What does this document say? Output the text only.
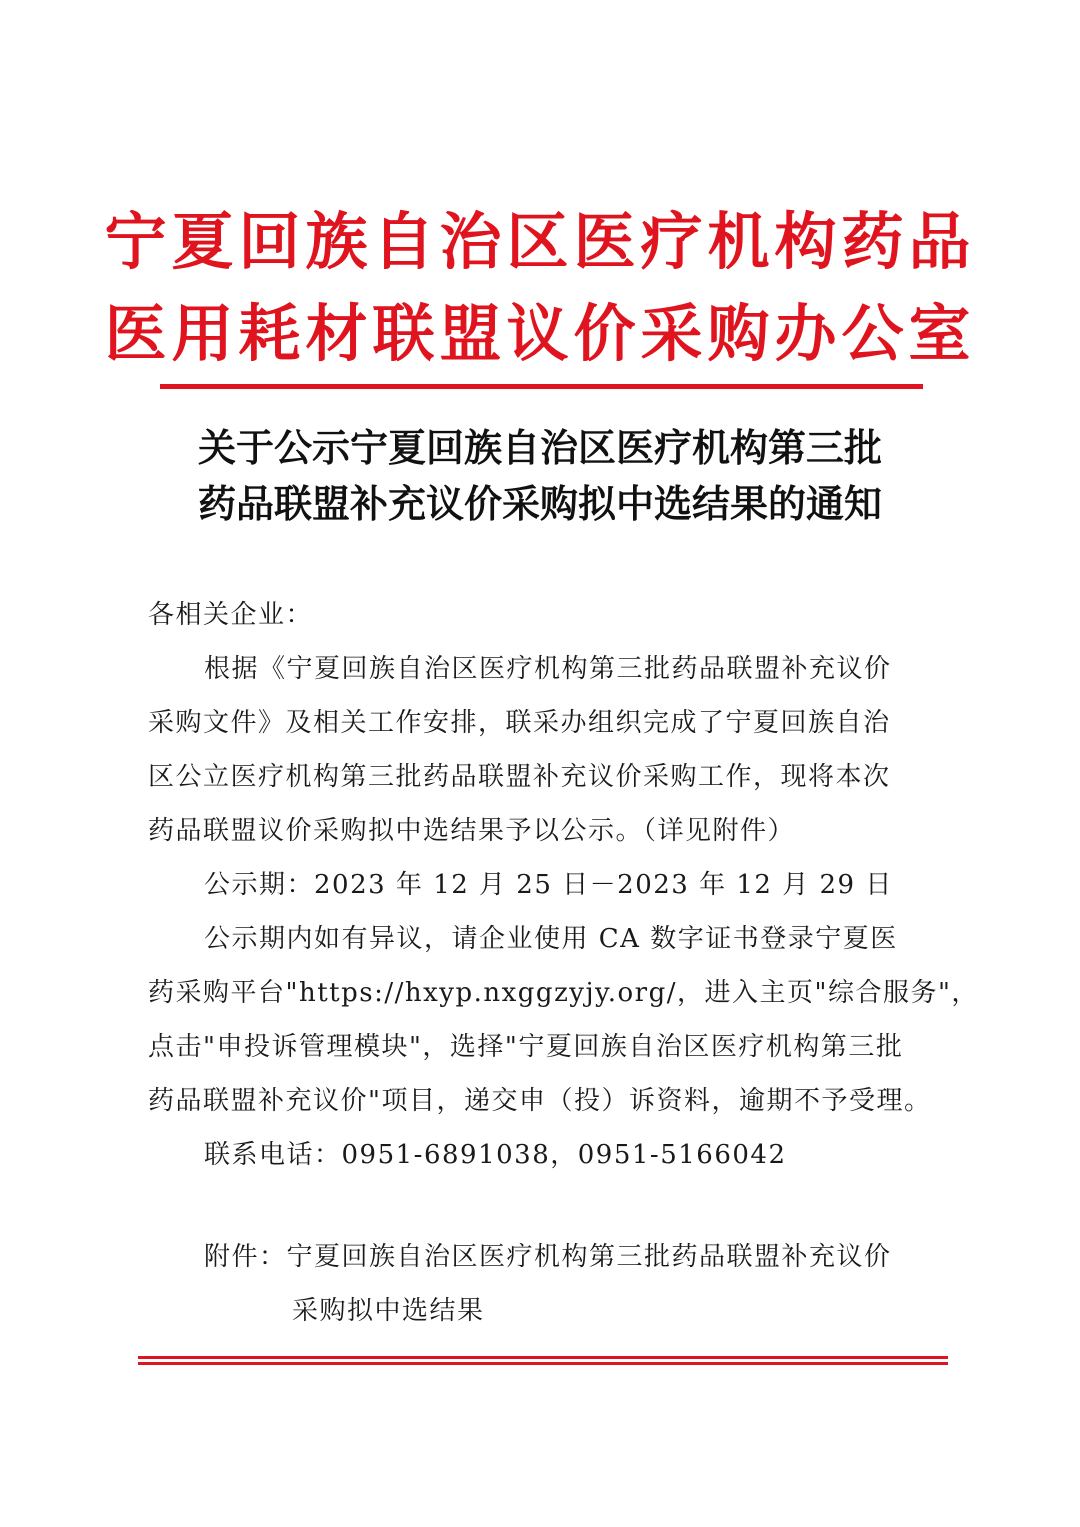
宁夏回族自治区医疗机构药品
医用耗材联盟议价采购办公室
关于公示宁夏回族自治区医疗机构第三批
药品联盟补充议价采购拟中选结果的通知
各相关企业：
根据《宁夏回族自治区医疗机构第三批药品联盟补充议价
采购文件》及相关工作安排，联采办组织完成了宁夏回族自治
区公立医疗机构第三批药品联盟补充议价采购工作，现将本次
药品联盟议价采购拟中选结果予以公示。（详见附件）
公示期：2023 年 12 月 25 日－2023 年 12 月 29 日
公示期内如有异议，请企业使用 CA 数字证书登录宁夏医
药采购平台"https://hxyp.nxggzyjy.org/，进入主页"综合服务"，
点击"申投诉管理模块"，选择"宁夏回族自治区医疗机构第三批
药品联盟补充议价"项目，递交申（投）诉资料，逾期不予受理。
联系电话：0951-6891038，0951-5166042
附件：宁夏回族自治区医疗机构第三批药品联盟补充议价
采购拟中选结果
